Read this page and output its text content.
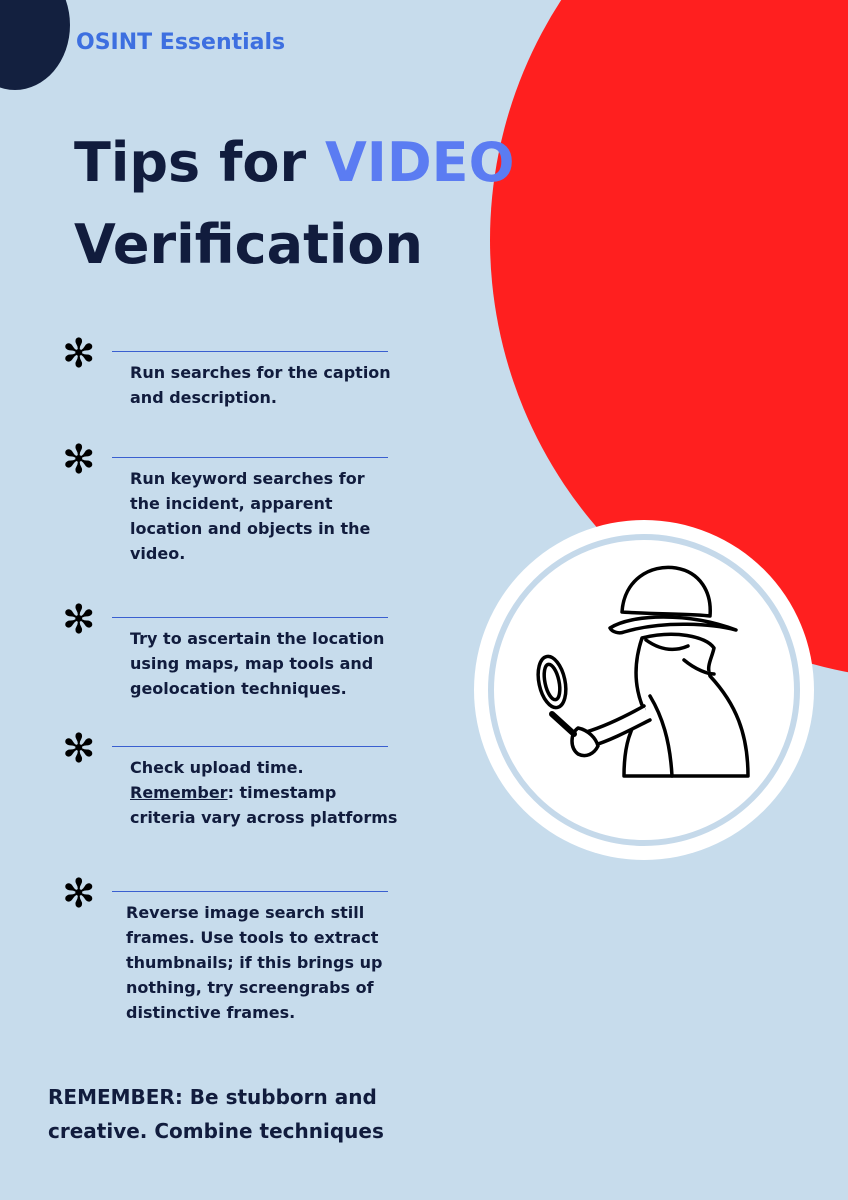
OSINT Essentials
Tips for VIDEO
Verification
✻ Run searches for the caption and description.
✻ Run keyword searches for the incident, apparent location and objects in the video.
✻ Try to ascertain the location using maps, map tools and geolocation techniques.
✻ Check upload time.
Remember: timestamp criteria vary across platforms
✻ Reverse image search still frames. Use tools to extract thumbnails; if this brings up nothing, try screengrabs of distinctive frames.
REMEMBER: Be stubborn and creative. Combine techniques
